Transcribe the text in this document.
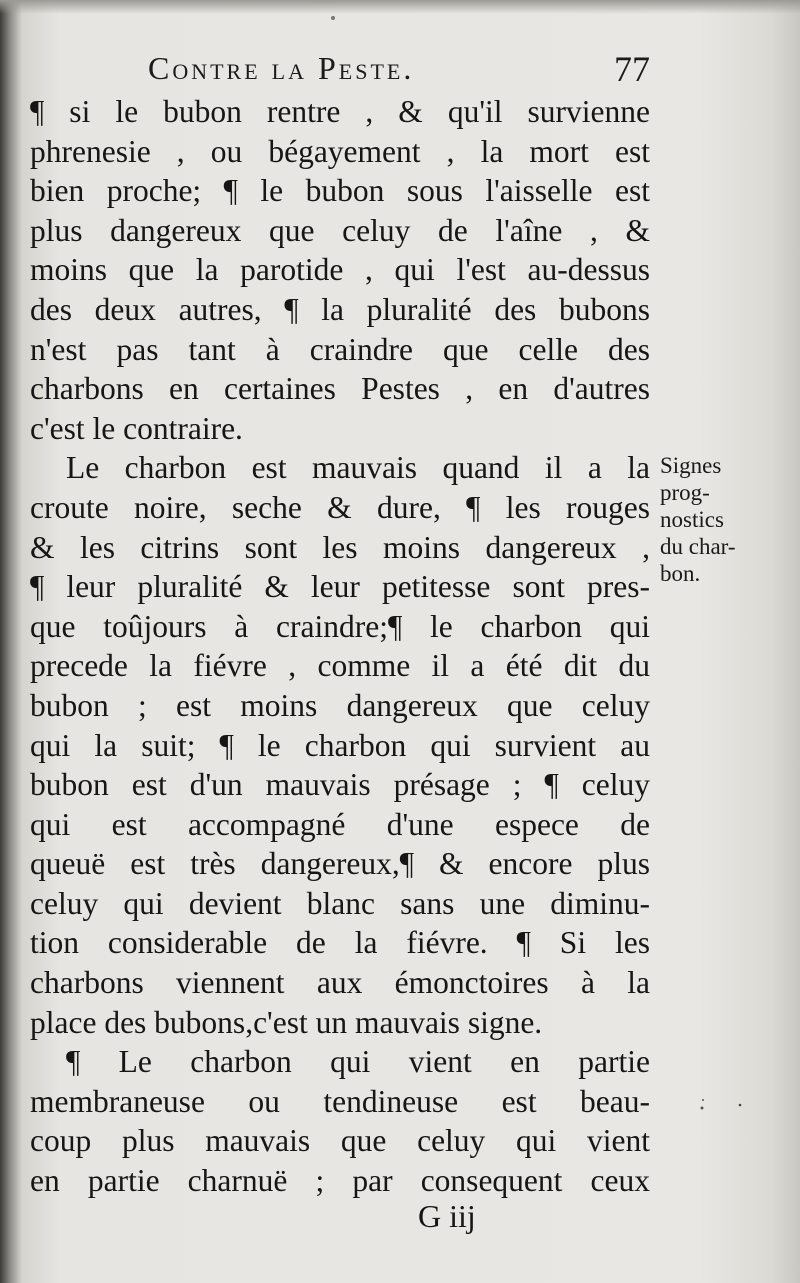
Contre la Peste.	77
¶ si le bubon rentre , & qu'il survienne
phrenesie , ou bégayement , la mort est
bien proche; ¶ le bubon sous l'aisselle est
plus dangereux que celuy de l'aîne , &
moins que la parotide , qui l'est au-dessus
des deux autres, ¶ la pluralité des bubons
n'est pas tant à craindre que celle des
charbons en certaines Pestes , en d'autres
c'est le contraire.
Le charbon est mauvais quand il a la
croute noire, seche & dure, ¶ les rouges
& les citrins sont les moins dangereux ,
¶ leur pluralité & leur petitesse sont pres-
que toûjours à craindre;¶ le charbon qui
precede la fiévre , comme il a été dit du
bubon ; est moins dangereux que celuy
qui la suit; ¶ le charbon qui survient au
bubon est d'un mauvais présage ; ¶ celuy
qui est accompagné d'une espece de
queuë est très dangereux,¶ & encore plus
celuy qui devient blanc sans une diminu-
tion considerable de la fiévre. ¶ Si les
charbons viennent aux émonctoires à la
place des bubons,c'est un mauvais signe.
¶ Le charbon qui vient en partie
membraneuse ou tendineuse est beau-
coup plus mauvais que celuy qui vient
en partie charnuë ; par consequent ceux
Signes
prog-
nostics
du char-
bon.
G iij
